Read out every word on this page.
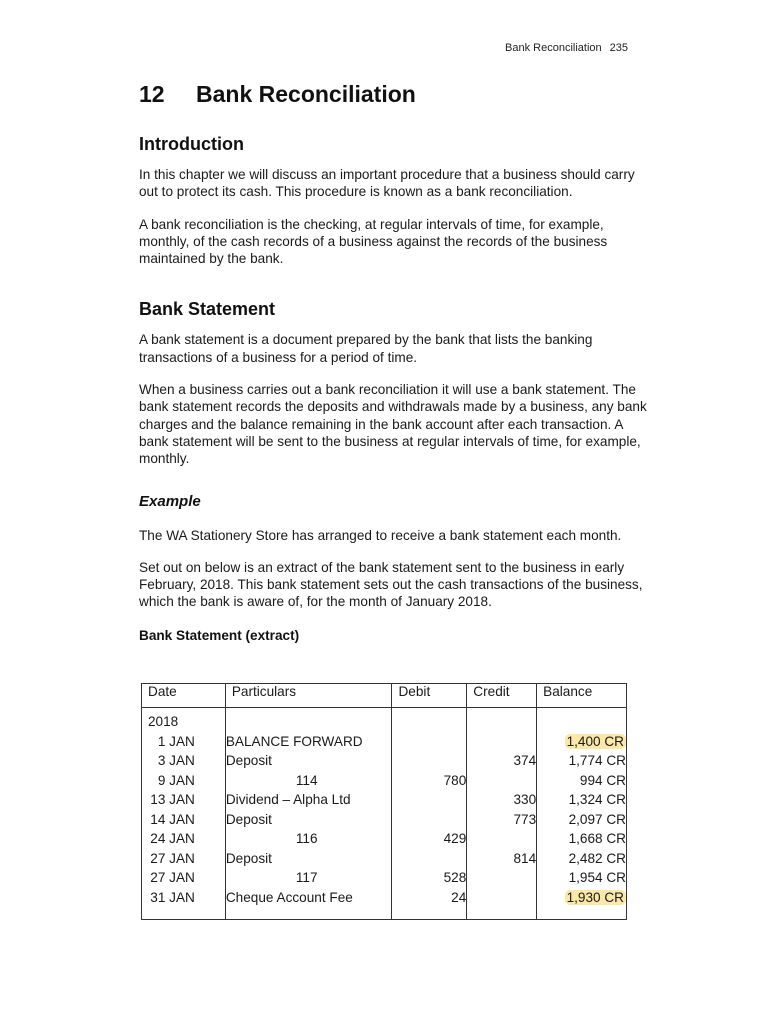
Bank Reconciliation 235
12 Bank Reconciliation
Introduction

In this chapter we will discuss an important procedure that a business should carry out to protect its cash. This procedure is known as a bank reconciliation.

A bank reconciliation is the checking, at regular intervals of time, for example, monthly, of the cash records of a business against the records of the business maintained by the bank.

Bank Statement

A bank statement is a document prepared by the bank that lists the banking transactions of a business for a period of time.

When a business carries out a bank reconciliation it will use a bank statement. The bank statement records the deposits and withdrawals made by a business, any bank charges and the balance remaining in the bank account after each transaction. A bank statement will be sent to the business at regular intervals of time, for example, monthly.

Example

The WA Stationery Store has arranged to receive a bank statement each month.

Set out on below is an extract of the bank statement sent to the business in early February, 2018. This bank statement sets out the cash transactions of the business, which the bank is aware of, for the month of January 2018.

Bank Statement (extract)
Date	Particulars	Debit	Credit	Balance
2018				
1 JAN	BALANCE FORWARD			1,400 CR
3 JAN	Deposit		374	1,774 CR
9 JAN	114	780		994 CR
13 JAN	Dividend – Alpha Ltd		330	1,324 CR
14 JAN	Deposit		773	2,097 CR
24 JAN	116	429		1,668 CR
27 JAN	Deposit		814	2,482 CR
27 JAN	117	528		1,954 CR
31 JAN	Cheque Account Fee	24		1,930 CR
